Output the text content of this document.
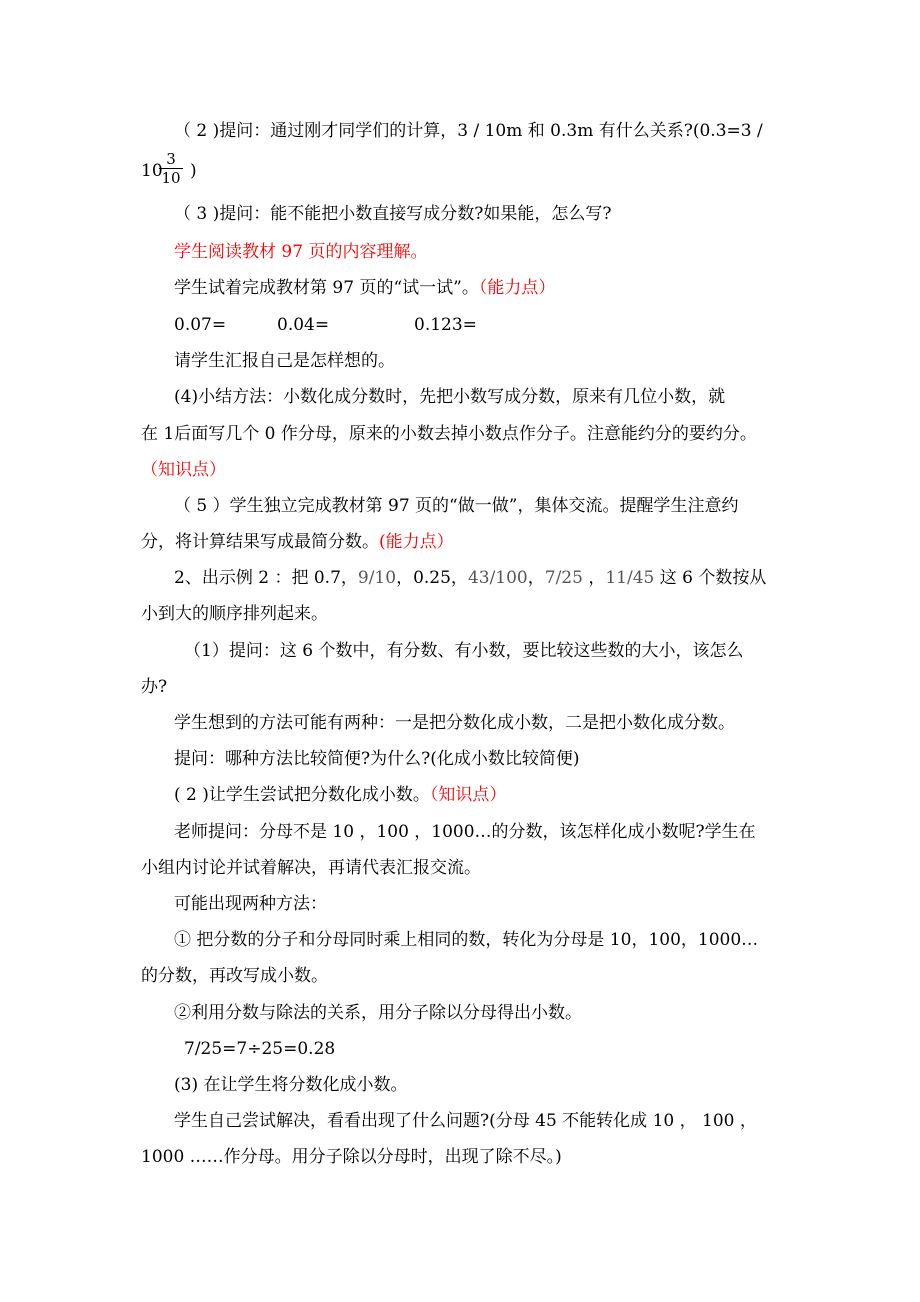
（ 2 )提问：通过刚才同学们的计算，3 / 10m 和 0.3m 有什么关系?(0.3=3 /
10
$\frac{3}{10}$ )
（ 3 )提问：能不能把小数直接写成分数?如果能，怎么写?
学生阅读教材 97 页的内容理解。
学生试着完成教材第 97 页的“试一试”。（能力点）
0.07=	0.04=	0.123=
请学生汇报自己是怎样想的。
(4)小结方法：小数化成分数时，先把小数写成分数，原来有几位小数，就
在 1后面写几个 0 作分母，原来的小数去掉小数点作分子。注意能约分的要约分。
（知识点）
（ 5 ）学生独立完成教材第 97 页的“做一做”，集体交流。提醒学生注意约
分，将计算结果写成最简分数。(能力点）
2、出示例 2 ：把 0.7，9/10，0.25，43/100，7/25 ，11/45 这 6 个数按从
小到大的顺序排列起来。
（1）提问：这 6 个数中，有分数、有小数，要比较这些数的大小，该怎么
办?
学生想到的方法可能有两种：一是把分数化成小数，二是把小数化成分数。
提问：哪种方法比较简便?为什么?(化成小数比较简便)
( 2 )让学生尝试把分数化成小数。（知识点）
老师提问：分母不是 10 ，100 ，1000…的分数，该怎样化成小数呢?学生在
小组内讨论并试着解决，再请代表汇报交流。
可能出现两种方法：
① 把分数的分子和分母同时乘上相同的数，转化为分母是 10，100，1000…
的分数，再改写成小数。
②利用分数与除法的关系，用分子除以分母得出小数。
7/25=7÷25=0.28
(3) 在让学生将分数化成小数。
学生自己尝试解决，看看出现了什么问题?(分母 45 不能转化成 10 ， 100 ，
1000 ……作分母。用分子除以分母时，出现了除不尽。)
